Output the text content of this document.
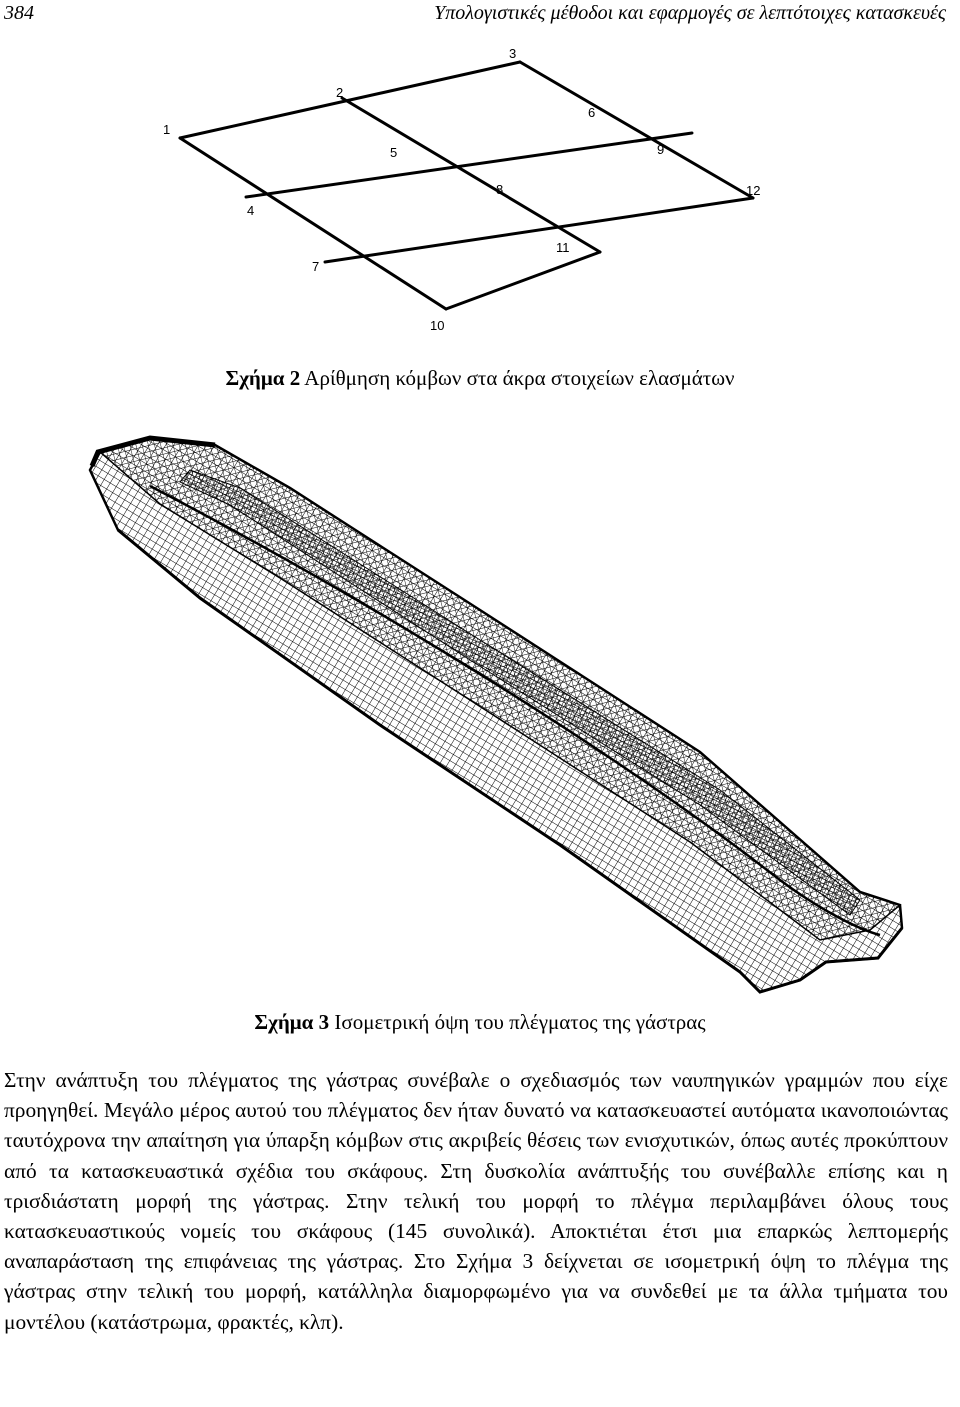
384	Υπολογιστικές μέθοδοι και εφαρμογές σε λεπτότοιχες κατασκευές
1
2
3
4
5
6
7
8
9
10
11
12
Σχήμα 2 Αρίθμηση κόμβων στα άκρα στοιχείων ελασμάτων
Σχήμα 3 Ισομετρική όψη του πλέγματος της γάστρας

Στην ανάπτυξη του πλέγματος της γάστρας συνέβαλε ο σχεδιασμός των ναυπηγικών γραμμών που είχε προηγηθεί. Μεγάλο μέρος αυτού του πλέγματος δεν ήταν δυνατό να κατασκευαστεί αυτόματα ικανοποιώντας ταυτόχρονα την απαίτηση για ύπαρξη κόμβων στις ακριβείς θέσεις των ενισχυτικών, όπως αυτές προκύπτουν από τα κατασκευαστικά σχέδια του σκάφους. Στη δυσκολία ανάπτυξής του συνέβαλλε επίσης και η τρισδιάστατη μορφή της γάστρας. Στην τελική του μορφή το πλέγμα περιλαμβάνει όλους τους κατασκευαστικούς νομείς του σκάφους (145 συνολικά). Αποκτιέται έτσι μια επαρκώς λεπτομερής αναπαράσταση της επιφάνειας της γάστρας. Στο Σχήμα 3 δείχνεται σε ισομετρική όψη το πλέγμα της γάστρας στην τελική του μορφή, κατάλληλα διαμορφωμένο για να συνδεθεί με τα άλλα τμήματα του μοντέλου (κατάστρωμα, φρακτές, κλπ).
